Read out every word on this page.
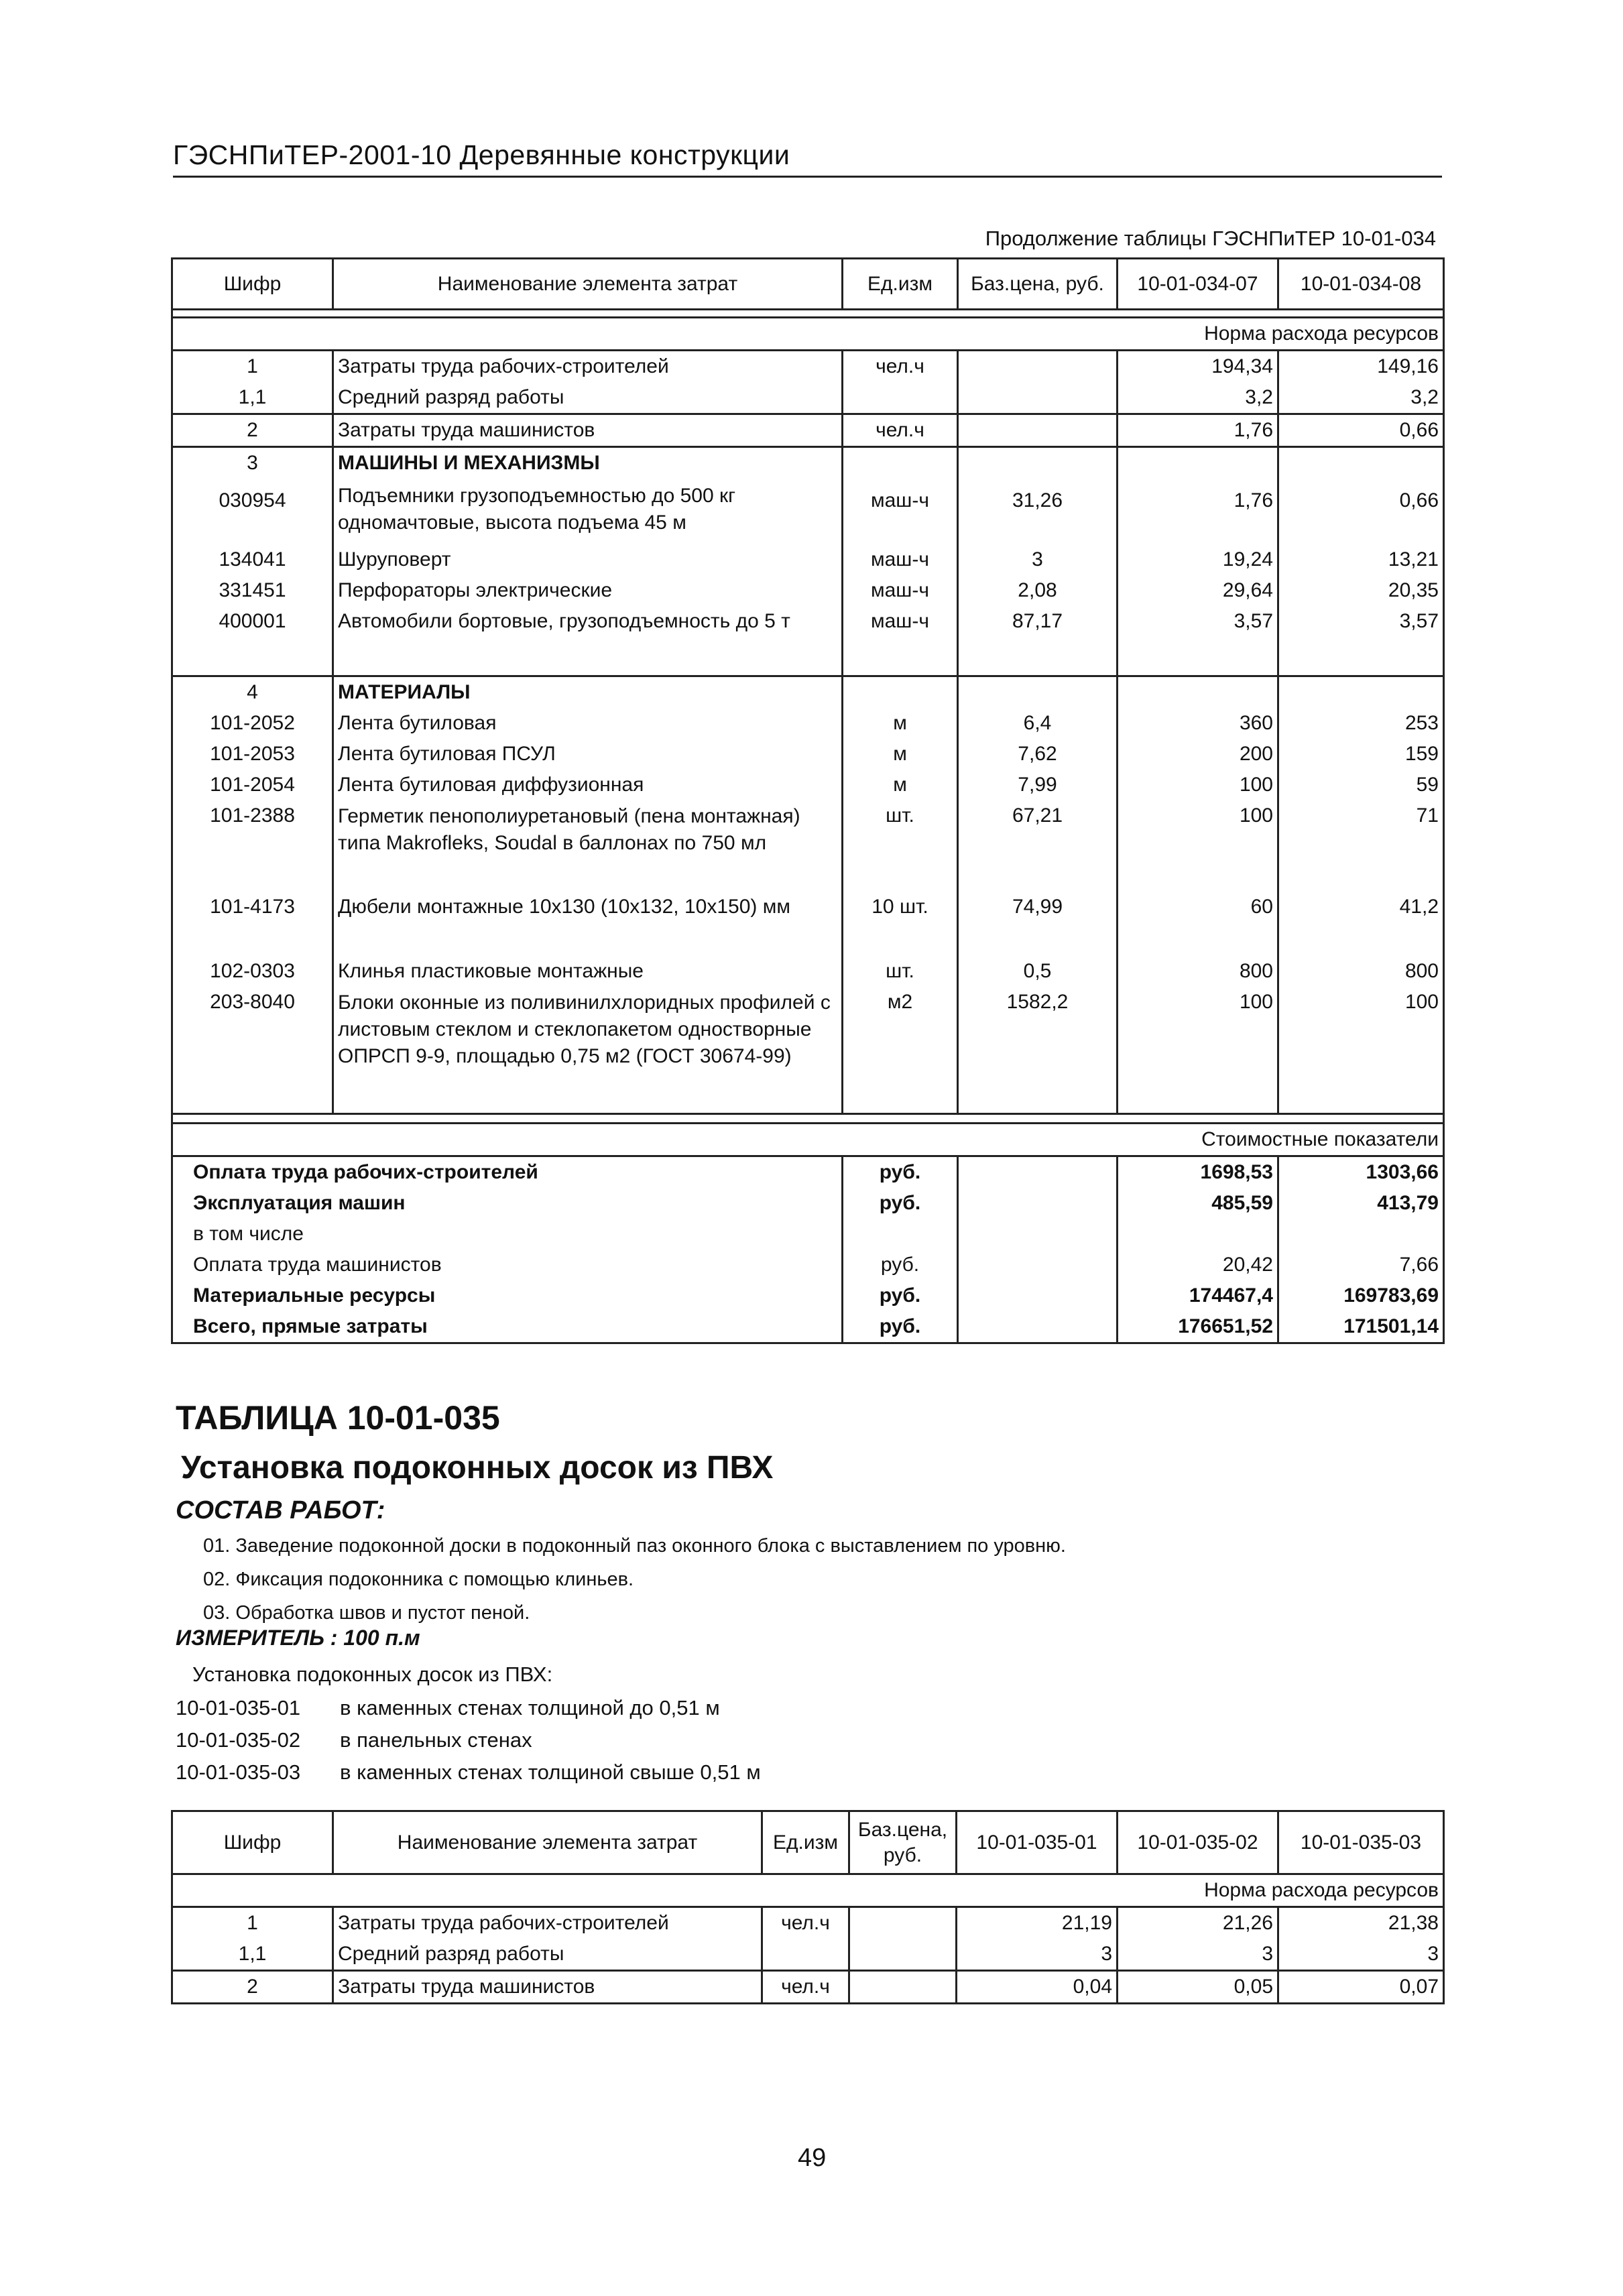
ГЭСНПиТЕР-2001-10 Деревянные конструкции
Продолжение таблицы ГЭСНПиТЕР 10-01-034
Шифр	Наименование элемента затрат	Ед.изм	Баз.цена, руб.	10-01-034-07	10-01-034-08

Норма расхода ресурсов					
1	Затраты труда рабочих-строителей	чел.ч		194,34	149,16
1,1	Средний разряд работы			3,2	3,2
2	Затраты труда машинистов	чел.ч		1,76	0,66
3	МАШИНЫ И МЕХАНИЗМЫ				
030954	Подъемники грузоподъемностью до 500 кг одномачтовые, высота подъема 45 м	маш-ч	31,26	1,76	0,66
134041	Шуруповерт	маш-ч	3	19,24	13,21
331451	Перфораторы электрические	маш-ч	2,08	29,64	20,35
400001	Автомобили бортовые, грузоподъемность до 5 т	маш-ч	87,17	3,57	3,57

4	МАТЕРИАЛЫ				
101-2052	Лента бутиловая	м	6,4	360	253
101-2053	Лента бутиловая ПСУЛ	м	7,62	200	159
101-2054	Лента бутиловая диффузионная	м	7,99	100	59
101-2388	Герметик пенополиуретановый (пена монтажная) типа Makroflеks, Soudal в баллонах по 750 мл	шт.	67,21	100	71
101-4173	Дюбели монтажные 10х130 (10х132, 10х150) мм	10 шт.	74,99	60	41,2
102-0303	Клинья пластиковые монтажные	шт.	0,5	800	800
203-8040	Блоки оконные из поливинилхлоридных профилей с листовым стеклом и стеклопакетом одностворные ОПРСП 9-9, площадью 0,75 м2 (ГОСТ 30674-99)	м2	1582,2	100	100

Стоимостные показатели					
Оплата труда рабочих-строителей		руб.		1698,53	1303,66
Эксплуатация машин		руб.		485,59	413,79
в том числе					
Оплата труда машинистов		руб.		20,42	7,66
Материальные ресурсы		руб.		174467,4	169783,69
Всего, прямые затраты		руб.		176651,52	171501,14
ТАБЛИЦА 10-01-035
Установка подоконных досок из ПВХ
СОСТАВ РАБОТ:
01. Заведение подоконной доски в подоконный паз оконного блока с выставлением по уровню.
02. Фиксация подоконника с помощью клиньев.
03. Обработка швов и пустот пеной.
ИЗМЕРИТЕЛЬ : 100 п.м
Установка подоконных досок из ПВХ:
10-01-035-01 в каменных стенах толщиной до 0,51 м
10-01-035-02 в панельных стенах
10-01-035-03 в каменных стенах толщиной свыше 0,51 м
Шифр	Наименование элемента затрат	Ед.изм	Баз.цена, руб.	10-01-035-01	10-01-035-02	10-01-035-03
Норма расхода ресурсов						
1	Затраты труда рабочих-строителей	чел.ч		21,19	21,26	21,38
1,1	Средний разряд работы			3	3	3
2	Затраты труда машинистов	чел.ч		0,04	0,05	0,07
49
